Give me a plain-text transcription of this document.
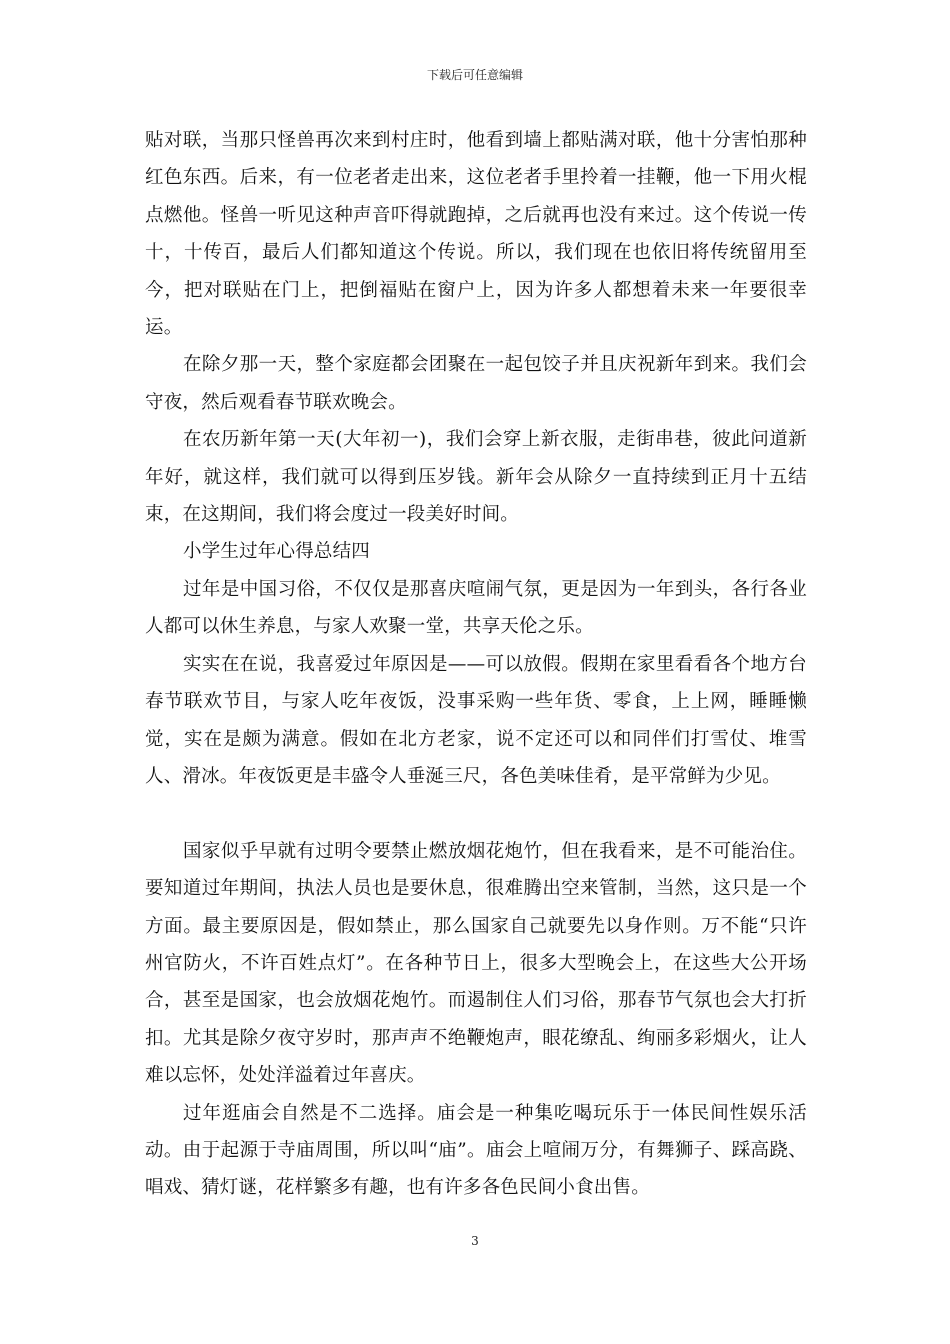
下载后可任意编辑

贴对联，当那只怪兽再次来到村庄时，他看到墙上都贴满对联，他十分害怕那种红色东西。后来，有一位老者走出来，这位老者手里拎着一挂鞭，他一下用火棍点燃他。怪兽一听见这种声音吓得就跑掉，之后就再也没有来过。这个传说一传十，十传百，最后人们都知道这个传说。所以，我们现在也依旧将传统留用至今，把对联贴在门上，把倒福贴在窗户上，因为许多人都想着未来一年要很幸运。

在除夕那一天，整个家庭都会团聚在一起包饺子并且庆祝新年到来。我们会守夜，然后观看春节联欢晚会。

在农历新年第一天(大年初一)，我们会穿上新衣服，走街串巷，彼此问道新年好，就这样，我们就可以得到压岁钱。新年会从除夕一直持续到正月十五结束，在这期间，我们将会度过一段美好时间。

小学生过年心得总结四

过年是中国习俗，不仅仅是那喜庆喧闹气氛，更是因为一年到头，各行各业人都可以休生养息，与家人欢聚一堂，共享天伦之乐。

实实在在说，我喜爱过年原因是——可以放假。假期在家里看看各个地方台春节联欢节目，与家人吃年夜饭，没事采购一些年货、零食，上上网，睡睡懒觉，实在是颇为满意。假如在北方老家，说不定还可以和同伴们打雪仗、堆雪人、滑冰。年夜饭更是丰盛令人垂涎三尺，各色美味佳肴，是平常鲜为少见。

国家似乎早就有过明令要禁止燃放烟花炮竹，但在我看来，是不可能治住。要知道过年期间，执法人员也是要休息，很难腾出空来管制，当然，这只是一个方面。最主要原因是，假如禁止，那么国家自己就要先以身作则。万不能“只许州官防火，不许百姓点灯”。在各种节日上，很多大型晚会上，在这些大公开场合，甚至是国家，也会放烟花炮竹。而遏制住人们习俗，那春节气氛也会大打折扣。尤其是除夕夜守岁时，那声声不绝鞭炮声，眼花缭乱、绚丽多彩烟火，让人难以忘怀，处处洋溢着过年喜庆。

过年逛庙会自然是不二选择。庙会是一种集吃喝玩乐于一体民间性娱乐活动。由于起源于寺庙周围，所以叫“庙”。庙会上喧闹万分，有舞狮子、踩高跷、唱戏、猜灯谜，花样繁多有趣，也有许多各色民间小食出售。

3
